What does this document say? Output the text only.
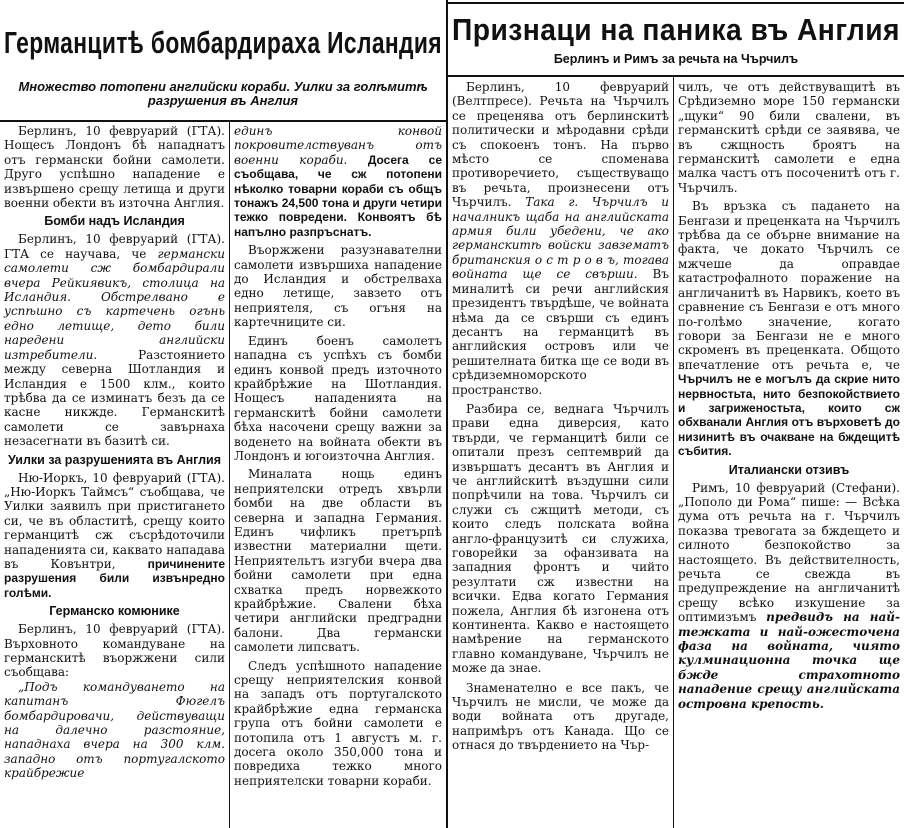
Германцитѣ бомбардираха Исландия
Множество потопени английски кораби. Уилки за голѣмитѣ разрушения въ Англия

Берлинъ, 10 февруарий (ГТА). Нощесъ Лондонъ бѣ нападнатъ отъ германски бойни самолети. Друго успѣшно нападение е извършено срещу летища и други военни обекти въ източна Англия.

Бомби надъ Исландия

Берлинъ, 10 февруарий (ГТА). ГТА се научава, че германски самолети сж бомбардирали вчера Рейкиявикъ, столица на Исландия. Обстрелвано е успѣшно съ картечень огънь едно летище, дето били наредени английски изтребители. Разстоянието между северна Шотландия и Исландия е 1500 клм., които трѣбва да се изминатъ безъ да се каcне никжде. Германскитѣ самолети се завърнаха незасегнати въ базитѣ си.

Уилки за разрушенията въ Англия

Ню-Иоркъ, 10 февруарий (ГТА). „Ню-Иоркъ Таймсъ“ съобщава, че Уилки заявилъ при пристигането си, че въ областитѣ, срещу които германцитѣ сж съсрѣдоточили нападенията си, каквато нападава въ Ковънтри, причинените разрушения били извънредно голѣми.

Германско комюнике

Берлинъ, 10 февруарий (ГТА). Върховното командуване на германскитѣ въоржжени сили съобщава:

„Подъ командуването на капитанъ Фюгелъ бомбардировачи, действуващи на далечно разстояние, нападнаха вчера на 300 клм. западно отъ португалското крайбрежие

единъ конвой покровителствуванъ отъ военни кораби. Досега се съобщава, че сж потопени нѣколко товарни кораби съ общъ тонажъ 24,500 тона и други четири тежко повредени. Конвоятъ бѣ напълно разпръснатъ.

Въоржжени разузнавателни самолети извършиха нападение до Исландия и обстрелваха едно летище, завзето отъ неприятеля, съ огъня на картечниците си.

Единъ боенъ самолетъ нападна съ успѣхъ съ бомби единъ конвой предъ източното крайбрѣжие на Шотландия. Нощесъ нападенията на германскитѣ бойни самолети бѣха насочени срещу важни за воденето на войната обекти въ Лондонъ и югоизточна Англия.

Миналата нощь единъ неприятелски отредъ хвърли бомби на две области въ северна и западна Германия. Единъ чифликъ претърпѣ известни материални щети. Неприятельтъ изгуби вчера два бойни самолети при една схватка предъ норвежкото крайбрѣжие. Свалени бѣха четири английски предградни балони. Два германски самолети липсватъ.

Следъ успѣшното нападение срещу неприятелския конвой на западъ отъ португалското крайбрѣжие една германска група отъ бойни самолети е потопила отъ 1 августъ м. г. досега около 350,000 тона и повредиха тежко много неприятелски товарни кораби.

Признаци на паника въ Англия
Берлинъ и Римъ за речьта на Чърчилъ

Берлинъ, 10 февруарий (Велтпресе). Речьта на Чърчилъ се преценява отъ берлинскитѣ политически и мѣродавни срѣди съ спокоенъ тонъ. На първо мѣсто се споменава противоречието, съществуващо въ речьта, произнесени отъ Чърчилъ. Така г. Чърчилъ и началникъ щаба на английската армия били убедени, че ако германскитѣ войски завзематъ британския о с т р о в ъ, тогава войната ще се свърши. Въ миналитѣ си речи английския президентъ твърдѣше, че войната нѣма да се свърши съ единъ десантъ на германцитѣ въ английския островъ или че решителната битка ще се води въ срѣдиземноморското пространство.

Разбира се, веднага Чърчилъ прави една диверсия, като твърди, че германцитѣ били се опитали презъ септемврий да извършатъ десантъ въ Англия и че английскитѣ въздушни сили попрѣчили на това. Чърчилъ си служи съ сжщитѣ методи, съ които следъ полската война англо-французитѣ си служиха, говорейки за офанзивата на западния фронтъ и чийто резултати сж известни на всички. Едва когато Германия пожела, Англия бѣ изгонена отъ континента. Какво е настоящето намѣрение на германското главно командуване, Чърчилъ не може да знае.

Знаменателно е все пакъ, че Чърчилъ не мисли, че може да води войната отъ другаде, напримѣръ отъ Канада. Що се отнася до твърдението на Чър-

чилъ, че отъ действуващитѣ въ Срѣдиземно море 150 германски „щуки“ 90 били свалени, въ германскитѣ срѣди се заявява, че въ сжщность броятъ на германскитѣ самолети е една малка частъ отъ посоченитѣ отъ г. Чърчилъ.

Въ връзка съ падането на Бенгази и преценката на Чърчилъ трѣбва да се обърне внимание на факта, че докато Чърчилъ се мжчеше да оправдае катастрофалното поражение на англичанитѣ въ Нарвикъ, което въ сравнение съ Бенгази е отъ много по-голѣмо значение, когато говори за Бенгази не е много скроменъ въ преценката. Общото впечатление отъ речьта е, че Чърчилъ не е могълъ да скрие нито нервностьта, нито безпокойствието и загриженостьта, които сж обхванали Англия отъ върховетѣ до низинитѣ въ очакване на бждещитѣ събития.

Италиански отзивъ

Римъ, 10 февруарий (Стефани). „Пополо ди Рома“ пише: — Всѣка дума отъ речьта на г. Чърчилъ показва тревогата за бждещето и силното безпокойство за настоящето. Въ действителность, речьта се свежда въ предупреждение на англичанитѣ срещу всѣко изкушение за оптимизъмъ предвидъ на най-тежката и най-ожесточена фаза на войната, чиято кулминационна точка ще бжде страхотното нападение срещу английската островна крепость.
